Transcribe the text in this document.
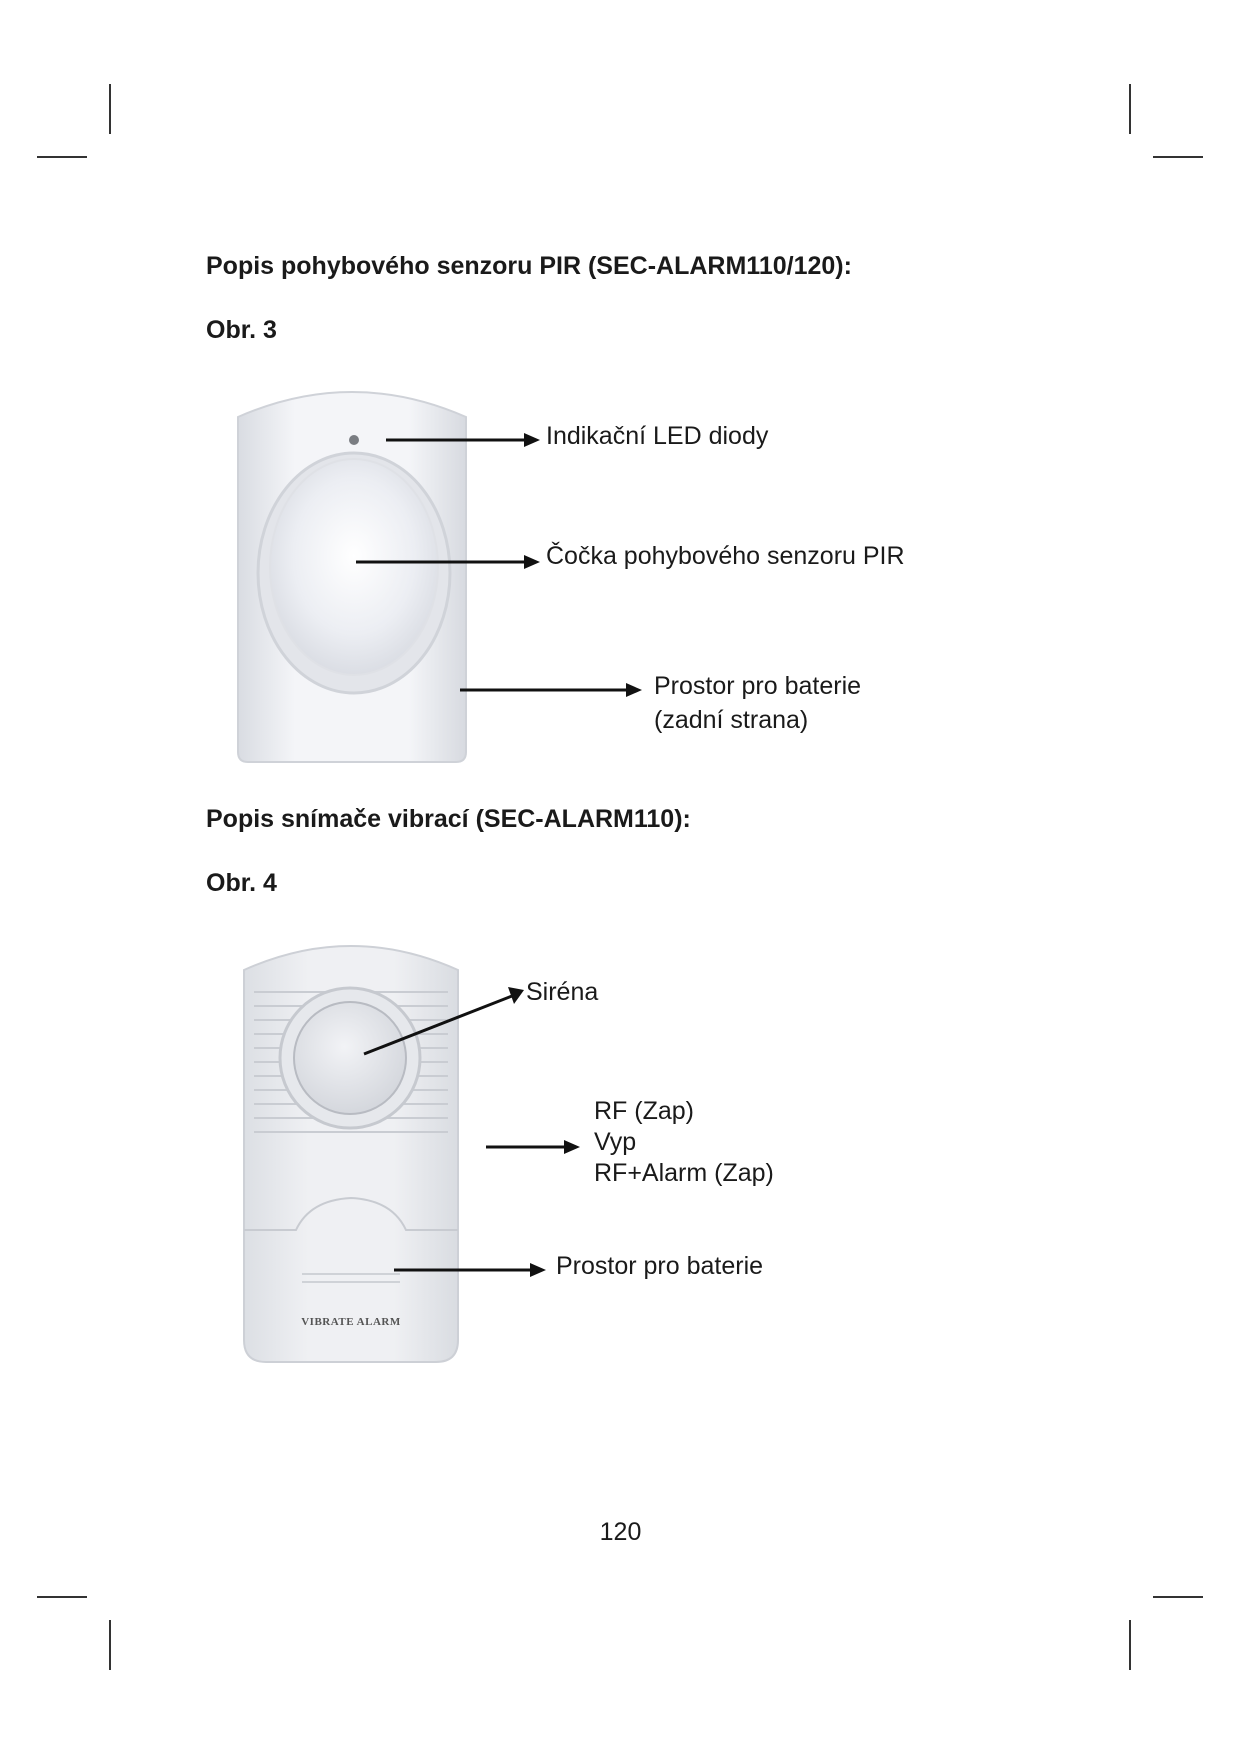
Popis pohybového senzoru PIR (SEC-ALARM110/120):
Obr. 3
Indikační LED diody
Čočka pohybového senzoru PIR
Prostor pro baterie
(zadní strana)
Popis snímače vibrací (SEC-ALARM110):
Obr. 4
VIBRATE ALARM
Siréna
RF (Zap)
Vyp
RF+Alarm (Zap)
Prostor pro baterie
120
